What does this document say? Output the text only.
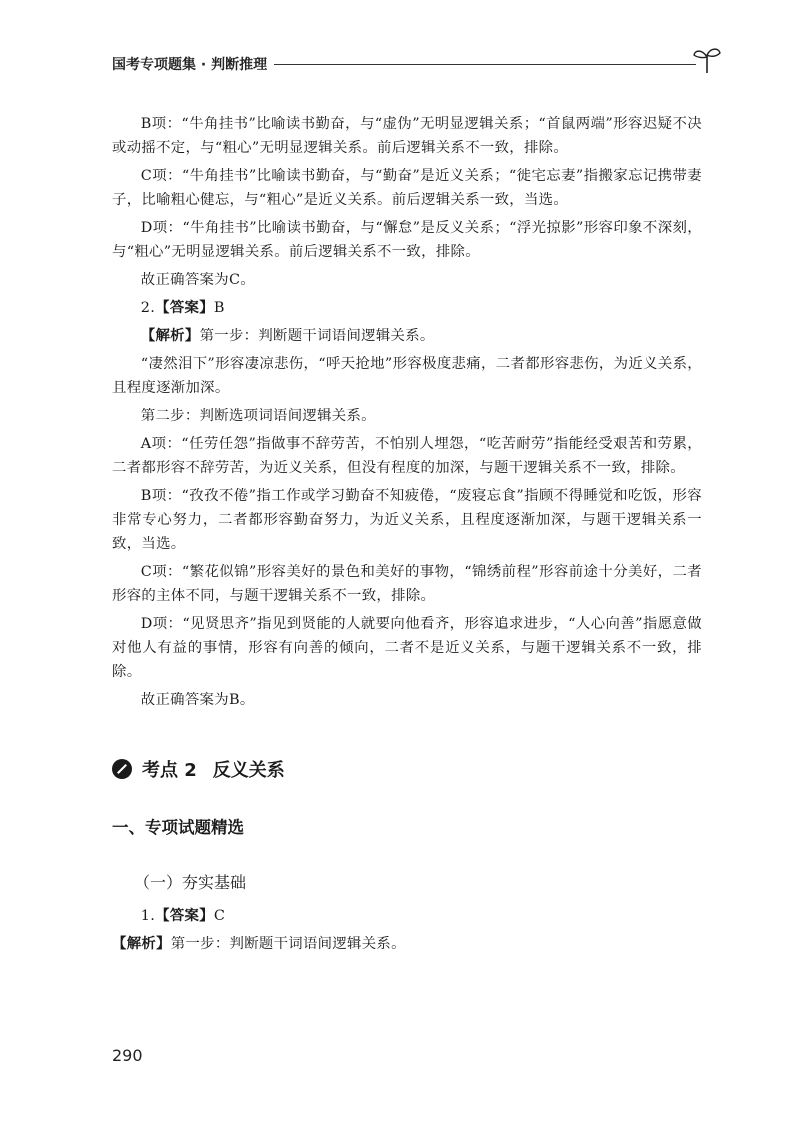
国考专项题集 · 判断推理

B项：“牛角挂书”比喻读书勤奋，与“虚伪”无明显逻辑关系；“首鼠两端”形容迟疑不决或动摇不定，与“粗心”无明显逻辑关系。前后逻辑关系不一致，排除。

C项：“牛角挂书”比喻读书勤奋，与“勤奋”是近义关系；“徙宅忘妻”指搬家忘记携带妻子，比喻粗心健忘，与“粗心”是近义关系。前后逻辑关系一致，当选。

D项：“牛角挂书”比喻读书勤奋，与“懈怠”是反义关系；“浮光掠影”形容印象不深刻，与“粗心”无明显逻辑关系。前后逻辑关系不一致，排除。

故正确答案为C。

2.【答案】B

【解析】第一步：判断题干词语间逻辑关系。

“凄然泪下”形容凄凉悲伤，“呼天抢地”形容极度悲痛，二者都形容悲伤，为近义关系，且程度逐渐加深。

第二步：判断选项词语间逻辑关系。

A项：“任劳任怨”指做事不辞劳苦，不怕别人埋怨，“吃苦耐劳”指能经受艰苦和劳累，二者都形容不辞劳苦，为近义关系，但没有程度的加深，与题干逻辑关系不一致，排除。

B项：“孜孜不倦”指工作或学习勤奋不知疲倦，“废寝忘食”指顾不得睡觉和吃饭，形容非常专心努力，二者都形容勤奋努力，为近义关系，且程度逐渐加深，与题干逻辑关系一致，当选。

C项：“繁花似锦”形容美好的景色和美好的事物，“锦绣前程”形容前途十分美好，二者形容的主体不同，与题干逻辑关系不一致，排除。

D项：“见贤思齐”指见到贤能的人就要向他看齐，形容追求进步，“人心向善”指愿意做对他人有益的事情，形容有向善的倾向，二者不是近义关系，与题干逻辑关系不一致，排除。

故正确答案为B。

考点 2 反义关系
一、专项试题精选
（一）夯实基础

1.【答案】C

【解析】第一步：判断题干词语间逻辑关系。

290
